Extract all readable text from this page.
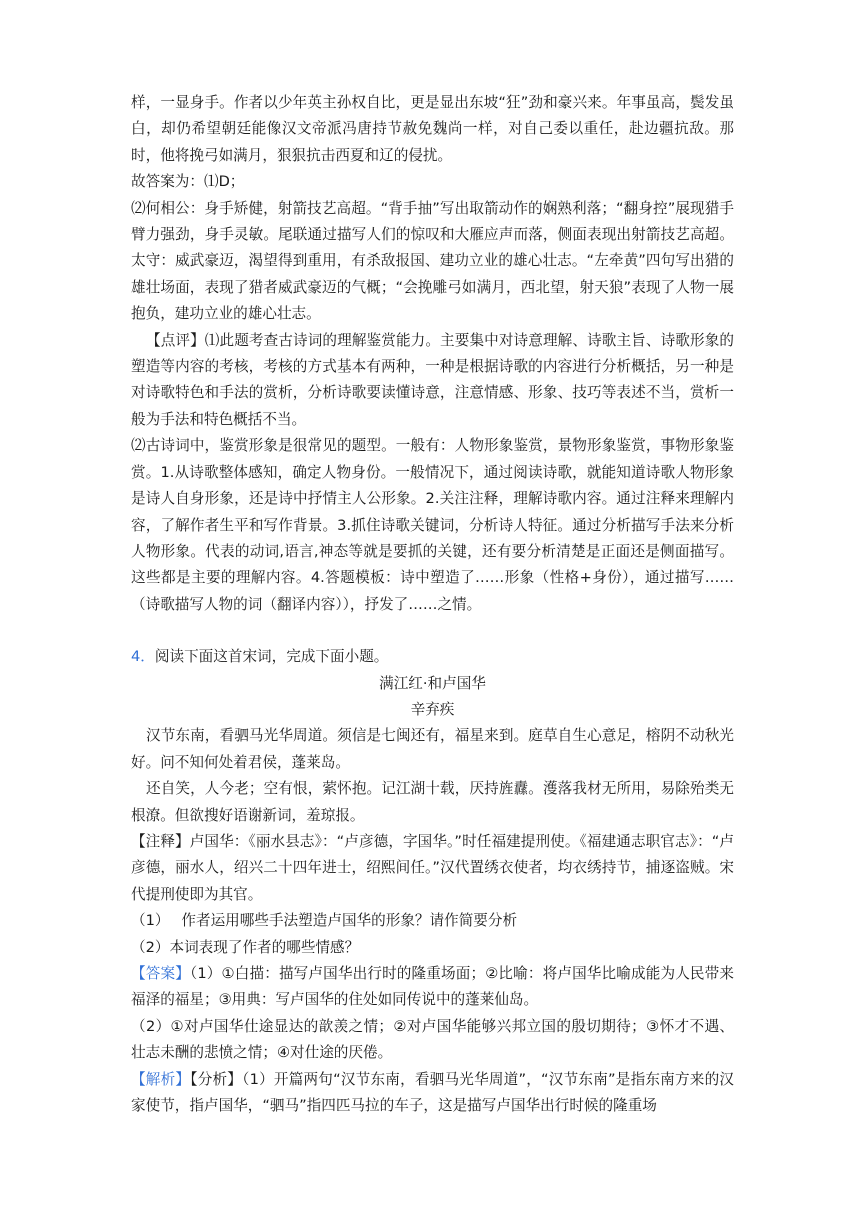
样，一显身手。作者以少年英主孙权自比，更是显出东坡“狂”劲和豪兴来。年事虽高，鬓发虽白，却仍希望朝廷能像汉文帝派冯唐持节赦免魏尚一样，对自己委以重任，赴边疆抗敌。那时，他将挽弓如满月，狠狠抗击西夏和辽的侵扰。

故答案为：⑴D；

⑵何相公：身手矫健，射箭技艺高超。“背手抽”写出取箭动作的娴熟利落；“翻身控”展现猎手臂力强劲，身手灵敏。尾联通过描写人们的惊叹和大雁应声而落，侧面表现出射箭技艺高超。太守：威武豪迈，渴望得到重用，有杀敌报国、建功立业的雄心壮志。“左牵黄”四句写出猎的雄壮场面，表现了猎者威武豪迈的气概；“会挽雕弓如满月，西北望，射天狼”表现了人物一展抱负，建功立业的雄心壮志。

【点评】⑴此题考查古诗词的理解鉴赏能力。主要集中对诗意理解、诗歌主旨、诗歌形象的塑造等内容的考核，考核的方式基本有两种，一种是根据诗歌的内容进行分析概括，另一种是对诗歌特色和手法的赏析，分析诗歌要读懂诗意，注意情感、形象、技巧等表述不当，赏析一般为手法和特色概括不当。

⑵古诗词中，鉴赏形象是很常见的题型。一般有：人物形象鉴赏，景物形象鉴赏，事物形象鉴赏。1.从诗歌整体感知，确定人物身份。一般情况下，通过阅读诗歌，就能知道诗歌人物形象是诗人自身形象，还是诗中抒情主人公形象。2.关注注释，理解诗歌内容。通过注释来理解内容，了解作者生平和写作背景。3.抓住诗歌关键词，分析诗人特征。通过分析描写手法来分析人物形象。代表的动词,语言,神态等就是要抓的关键，还有要分析清楚是正面还是侧面描写。这些都是主要的理解内容。4.答题模板：诗中塑造了……形象（性格+身份），通过描写……（诗歌描写人物的词（翻译内容）），抒发了……之情。

4．阅读下面这首宋词，完成下面小题。

满江红·和卢国华

辛弃疾

汉节东南，看驷马光华周道。须信是七闽还有，福星来到。庭草自生心意足，榕阴不动秋光好。问不知何处着君侯，蓬莱岛。

还自笑，人今老；空有恨，萦怀抱。记江湖十载，厌持旌纛。濩落我材无所用，易除殆类无根潦。但欲搜好语谢新词，羞琼报。

【注释】卢国华：《丽水县志》：“卢彦德，字国华。”时任福建提刑使。《福建通志职官志》：“卢彦德，丽水人，绍兴二十四年进士，绍熙间任。”汉代置绣衣使者，均衣绣持节，捕逐盗贼。宋代提刑使即为其官。

（1）　 作者运用哪些手法塑造卢国华的形象？请作简要分析

（2）本词表现了作者的哪些情感？

【答案】（1）①白描：描写卢国华出行时的隆重场面；②比喻：将卢国华比喻成能为人民带来福泽的福星；③用典：写卢国华的住处如同传说中的蓬莱仙岛。

（2）①对卢国华仕途显达的歆羡之情；②对卢国华能够兴邦立国的殷切期待；③怀才不遇、壮志未酬的悲愤之情；④对仕途的厌倦。

【解析】【分析】（1）开篇两句“汉节东南，看驷马光华周道”，“汉节东南”是指东南方来的汉家使节，指卢国华，“驷马”指四匹马拉的车子，这是描写卢国华出行时候的隆重场
